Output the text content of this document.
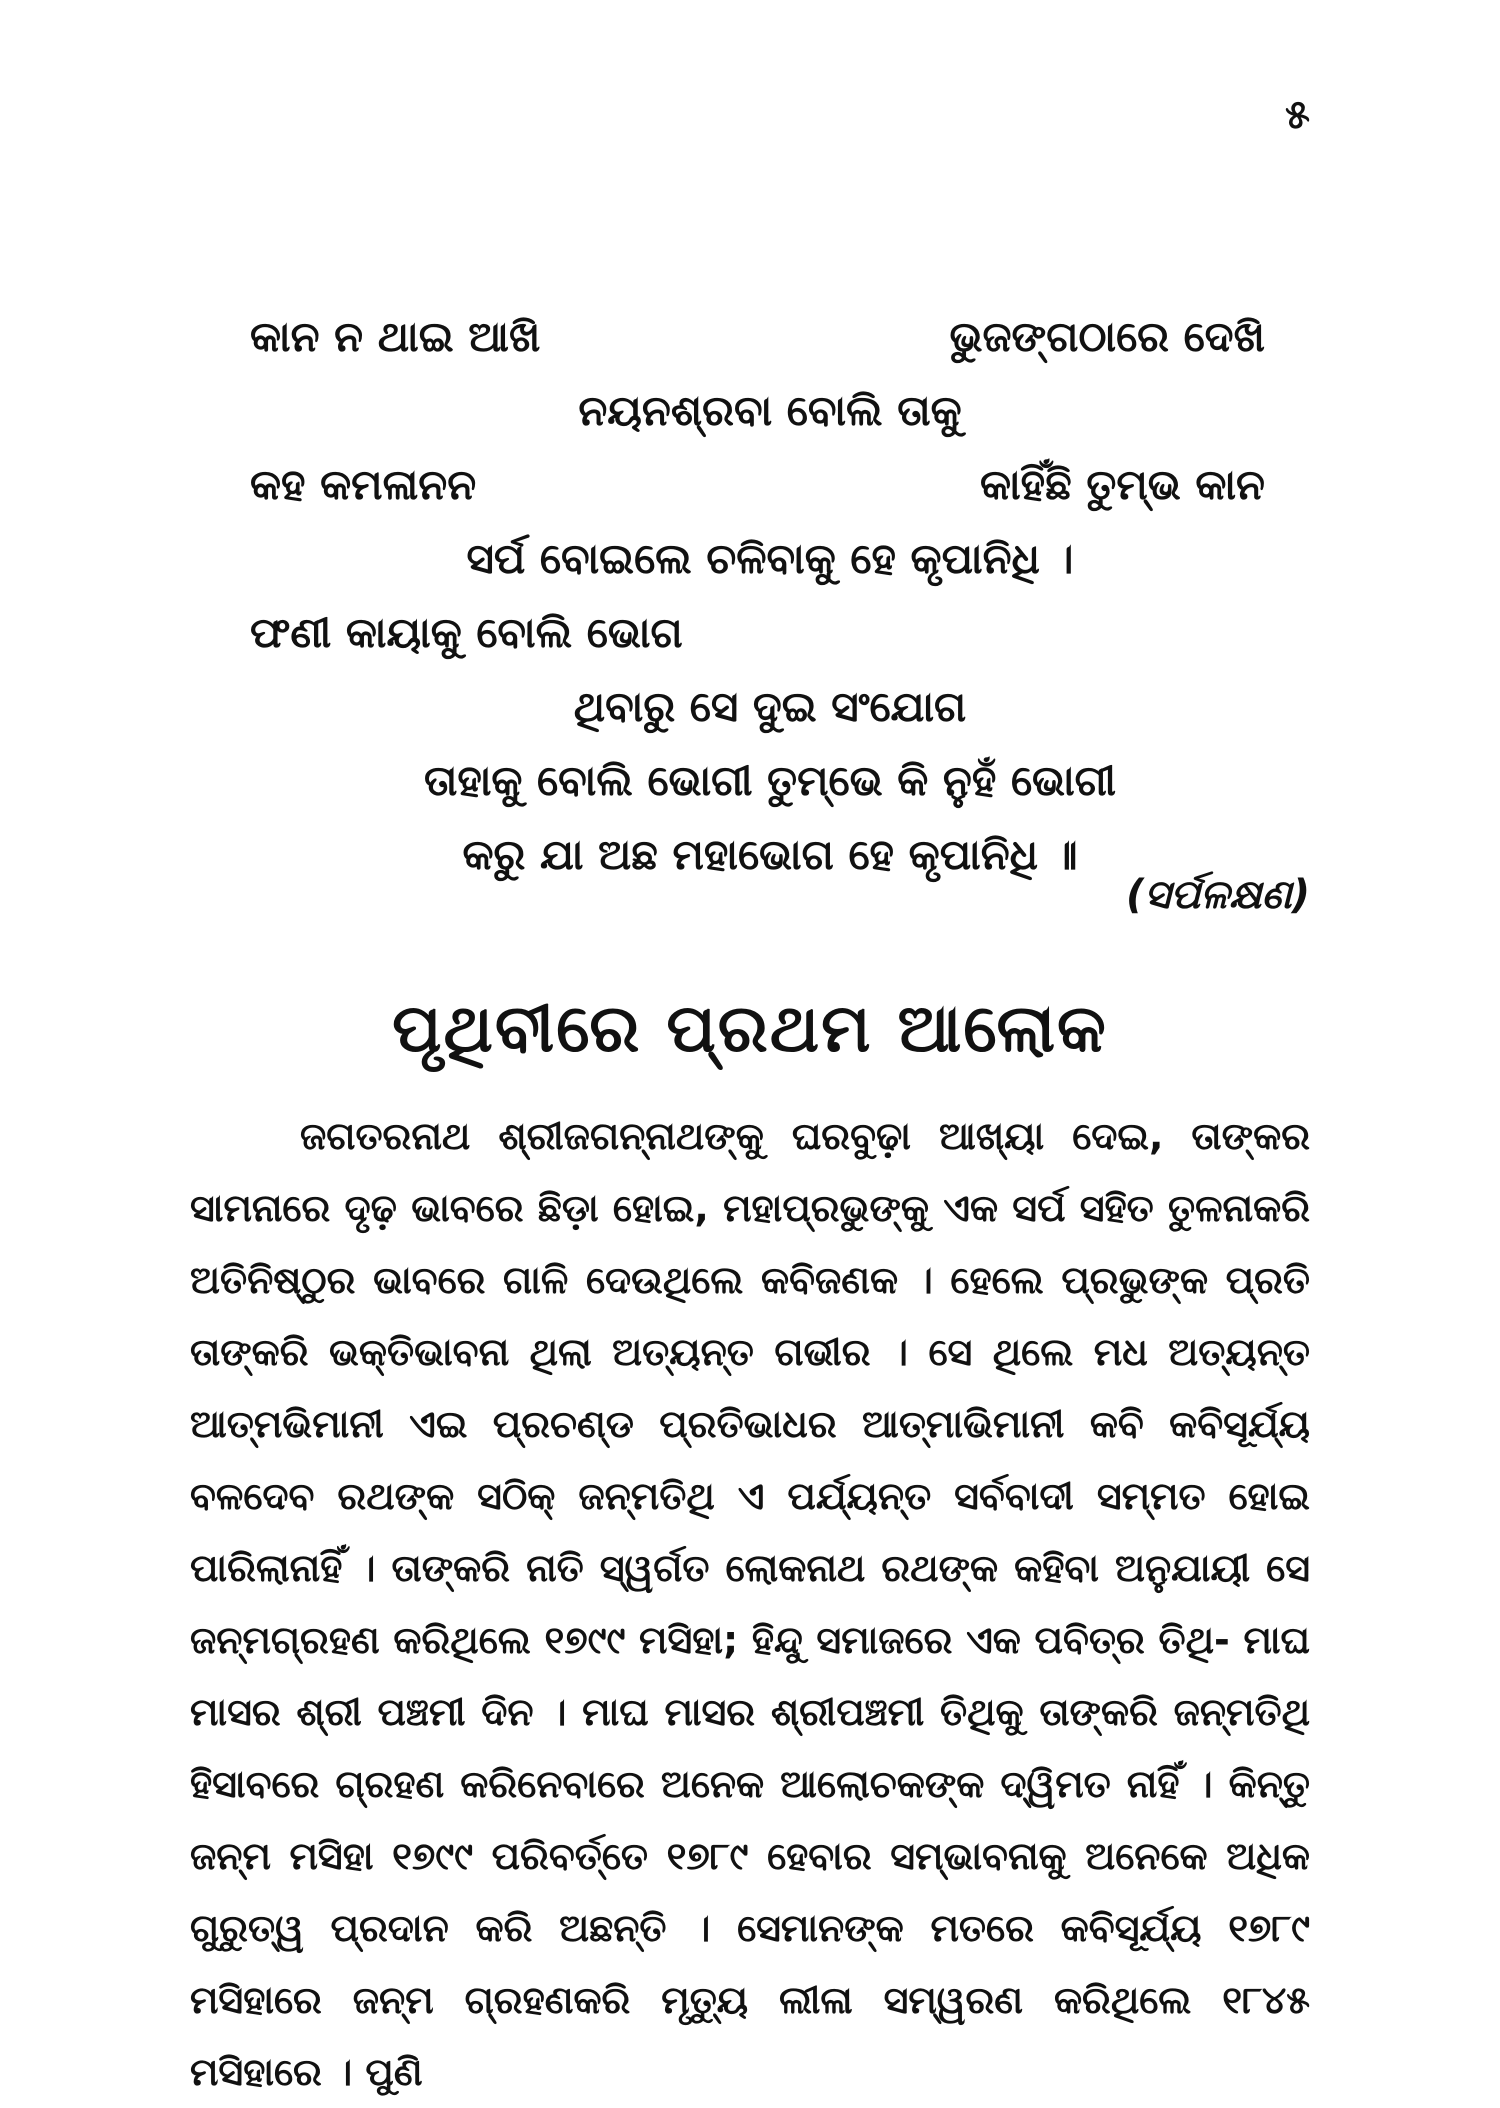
୫
କାନ ନ ଥାଇ ଆଖି	ଭୁଜଙ୍ଗଠାରେ ଦେଖି
ନୟନଶ୍ରବା ବୋଲି ତାକୁ
କହ କମଳାନନ	କାହିଁଛି ତୁମ୍ଭ କାନ
ସର୍ପ ବୋଇଲେ ଚଳିବାକୁ ହେ କୃପାନିଧି ।
ଫଣୀ କାୟାକୁ ବୋଲି ଭୋଗ
ଥିବାରୁ ସେ ଦୁଇ ସଂଯୋଗ
ତାହାକୁ ବୋଲି ଭୋଗୀ ତୁମ୍ଭେ କି ନୁହଁ ଭୋଗୀ
କରୁ ଯା ଅଛ ମହାଭୋଗ ହେ କୃପାନିଧି ॥
(ସର୍ପଳକ୍ଷଣ)
ପୃଥିବୀରେ ପ୍ରଥମ ଆଲୋକ

ଜଗତରନାଥ ଶ୍ରୀଜଗନ୍ନାଥଙ୍କୁ ଘରବୁଢ଼ା ଆଖ୍ୟା ଦେଇ, ତାଙ୍କର ସାମନାରେ ଦୃଢ଼ ଭାବରେ ଛିଡ଼ା ହୋଇ, ମହାପ୍ରଭୁଙ୍କୁ ଏକ ସର୍ପ ସହିତ ତୁଳନାକରି ଅତିନିଷ୍ଠୁର ଭାବରେ ଗାଳି ଦେଉଥିଲେ କବିଜଣକ । ହେଲେ ପ୍ରଭୁଙ୍କ ପ୍ରତି ତାଙ୍କରି ଭକ୍ତିଭାବନା ଥିଲା ଅତ୍ୟନ୍ତ ଗଭୀର । ସେ ଥିଲେ ମଧ ଅତ୍ୟନ୍ତ ଆତ୍ମଭିମାନୀ ଏଇ ପ୍ରଚଣ୍ଡ ପ୍ରତିଭାଧର ଆତ୍ମାଭିମାନୀ କବି କବିସୂର୍ଯ୍ୟ ବଳଦେବ ରଥଙ୍କ ସଠିକ୍ ଜନ୍ମତିଥି ଏ ପର୍ଯ୍ୟନ୍ତ ସର୍ବବାଦୀ ସମ୍ମତ ହୋଇ ପାରିଲାନାହିଁ । ତାଙ୍କରି ନାତି ସ୍ୱର୍ଗତ ଲୋକନାଥ ରଥଙ୍କ କହିବା ଅନୁଯାୟୀ ସେ ଜନ୍ମଗ୍ରହଣ କରିଥିଲେ ୧୭୯୯ ମସିହା; ହିନ୍ଦୁ ସମାଜରେ ଏକ ପବିତ୍ର ତିଥି- ମାଘ ମାସର ଶ୍ରୀ ପଞ୍ଚମୀ ଦିନ । ମାଘ ମାସର ଶ୍ରୀପଞ୍ଚମୀ ତିଥିକୁ ତାଙ୍କରି ଜନ୍ମତିଥି ହିସାବରେ ଗ୍ରହଣ କରିନେବାରେ ଅନେକ ଆଲୋଚକଙ୍କ ଦ୍ୱିମତ ନାହିଁ । କିନ୍ତୁ ଜନ୍ମ ମସିହା ୧୭୯୯ ପରିବର୍ତ୍ତେ ୧୭୮୯ ହେବାର ସମ୍ଭାବନାକୁ ଅନେକେ ଅଧିକ ଗୁରୁତ୍ୱ ପ୍ରଦାନ କରି ଅଛନ୍ତି । ସେମାନଙ୍କ ମତରେ କବିସୂର୍ଯ୍ୟ ୧୭୮୯ ମସିହାରେ ଜନ୍ମ ଗ୍ରହଣକରି ମୃତ୍ୟୁ ଲୀଳା ସମ୍ୱରଣ କରିଥିଲେ ୧୮୪୫ ମସିହାରେ । ପୁଣି
